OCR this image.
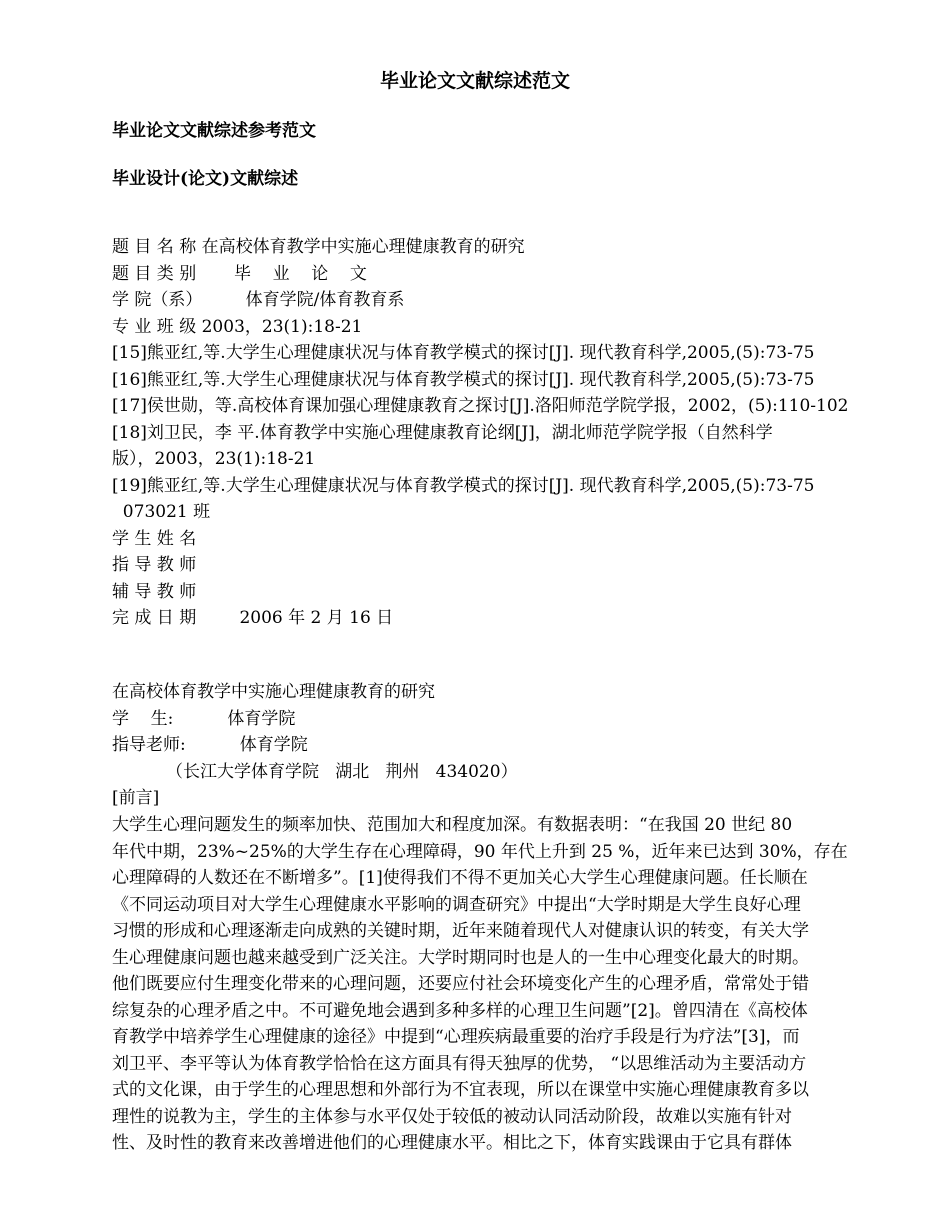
毕业论文文献综述范文
毕业论文文献综述参考范文
毕业设计(论文)文献综述
题 目 名 称 在高校体育教学中实施心理健康教育的研究
题 目 类 别       毕    业    论    文
学 院（系）        体育学院/体育教育系
专 业 班 级 2003，23(1):18-21
[15]熊亚红,等.大学生心理健康状况与体育教学模式的探讨[J]. 现代教育科学,2005,(5):73-75
[16]熊亚红,等.大学生心理健康状况与体育教学模式的探讨[J]. 现代教育科学,2005,(5):73-75
[17]侯世勋，等.高校体育课加强心理健康教育之探讨[J].洛阳师范学院学报，2002，(5):110-102
[18]刘卫民，李 平.体育教学中实施心理健康教育论纲[J]，湖北师范学院学报（自然科学
版），2003，23(1):18-21
[19]熊亚红,等.大学生心理健康状况与体育教学模式的探讨[J]. 现代教育科学,2005,(5):73-75
073021 班
学 生 姓 名
指 导 教 师
辅 导 教 师
完 成 日 期        2006 年 2 月 16 日
在高校体育教学中实施心理健康教育的研究
学    生:          体育学院
指导老师:          体育学院
（长江大学体育学院   湖北   荆州   434020）
[前言]
大学生心理问题发生的频率加快、范围加大和程度加深。有数据表明：“在我国 20 世纪 80
年代中期，23%~25%的大学生存在心理障碍，90 年代上升到 25 %，近年来已达到 30%，存在
心理障碍的人数还在不断增多”。[1]使得我们不得不更加关心大学生心理健康问题。任长顺在
《不同运动项目对大学生心理健康水平影响的调查研究》中提出“大学时期是大学生良好心理
习惯的形成和心理逐渐走向成熟的关键时期，近年来随着现代人对健康认识的转变，有关大学
生心理健康问题也越来越受到广泛关注。大学时期同时也是人的一生中心理变化最大的时期。
他们既要应付生理变化带来的心理问题，还要应付社会环境变化产生的心理矛盾，常常处于错
综复杂的心理矛盾之中。不可避免地会遇到多种多样的心理卫生问题”[2]。曾四清在《高校体
育教学中培养学生心理健康的途径》中提到“心理疾病最重要的治疗手段是行为疗法”[3]，而
刘卫平、李平等认为体育教学恰恰在这方面具有得天独厚的优势， “以思维活动为主要活动方
式的文化课，由于学生的心理思想和外部行为不宜表现，所以在课堂中实施心理健康教育多以
理性的说教为主，学生的主体参与水平仅处于较低的被动认同活动阶段，故难以实施有针对
性、及时性的教育来改善增进他们的心理健康水平。相比之下，体育实践课由于它具有群体
